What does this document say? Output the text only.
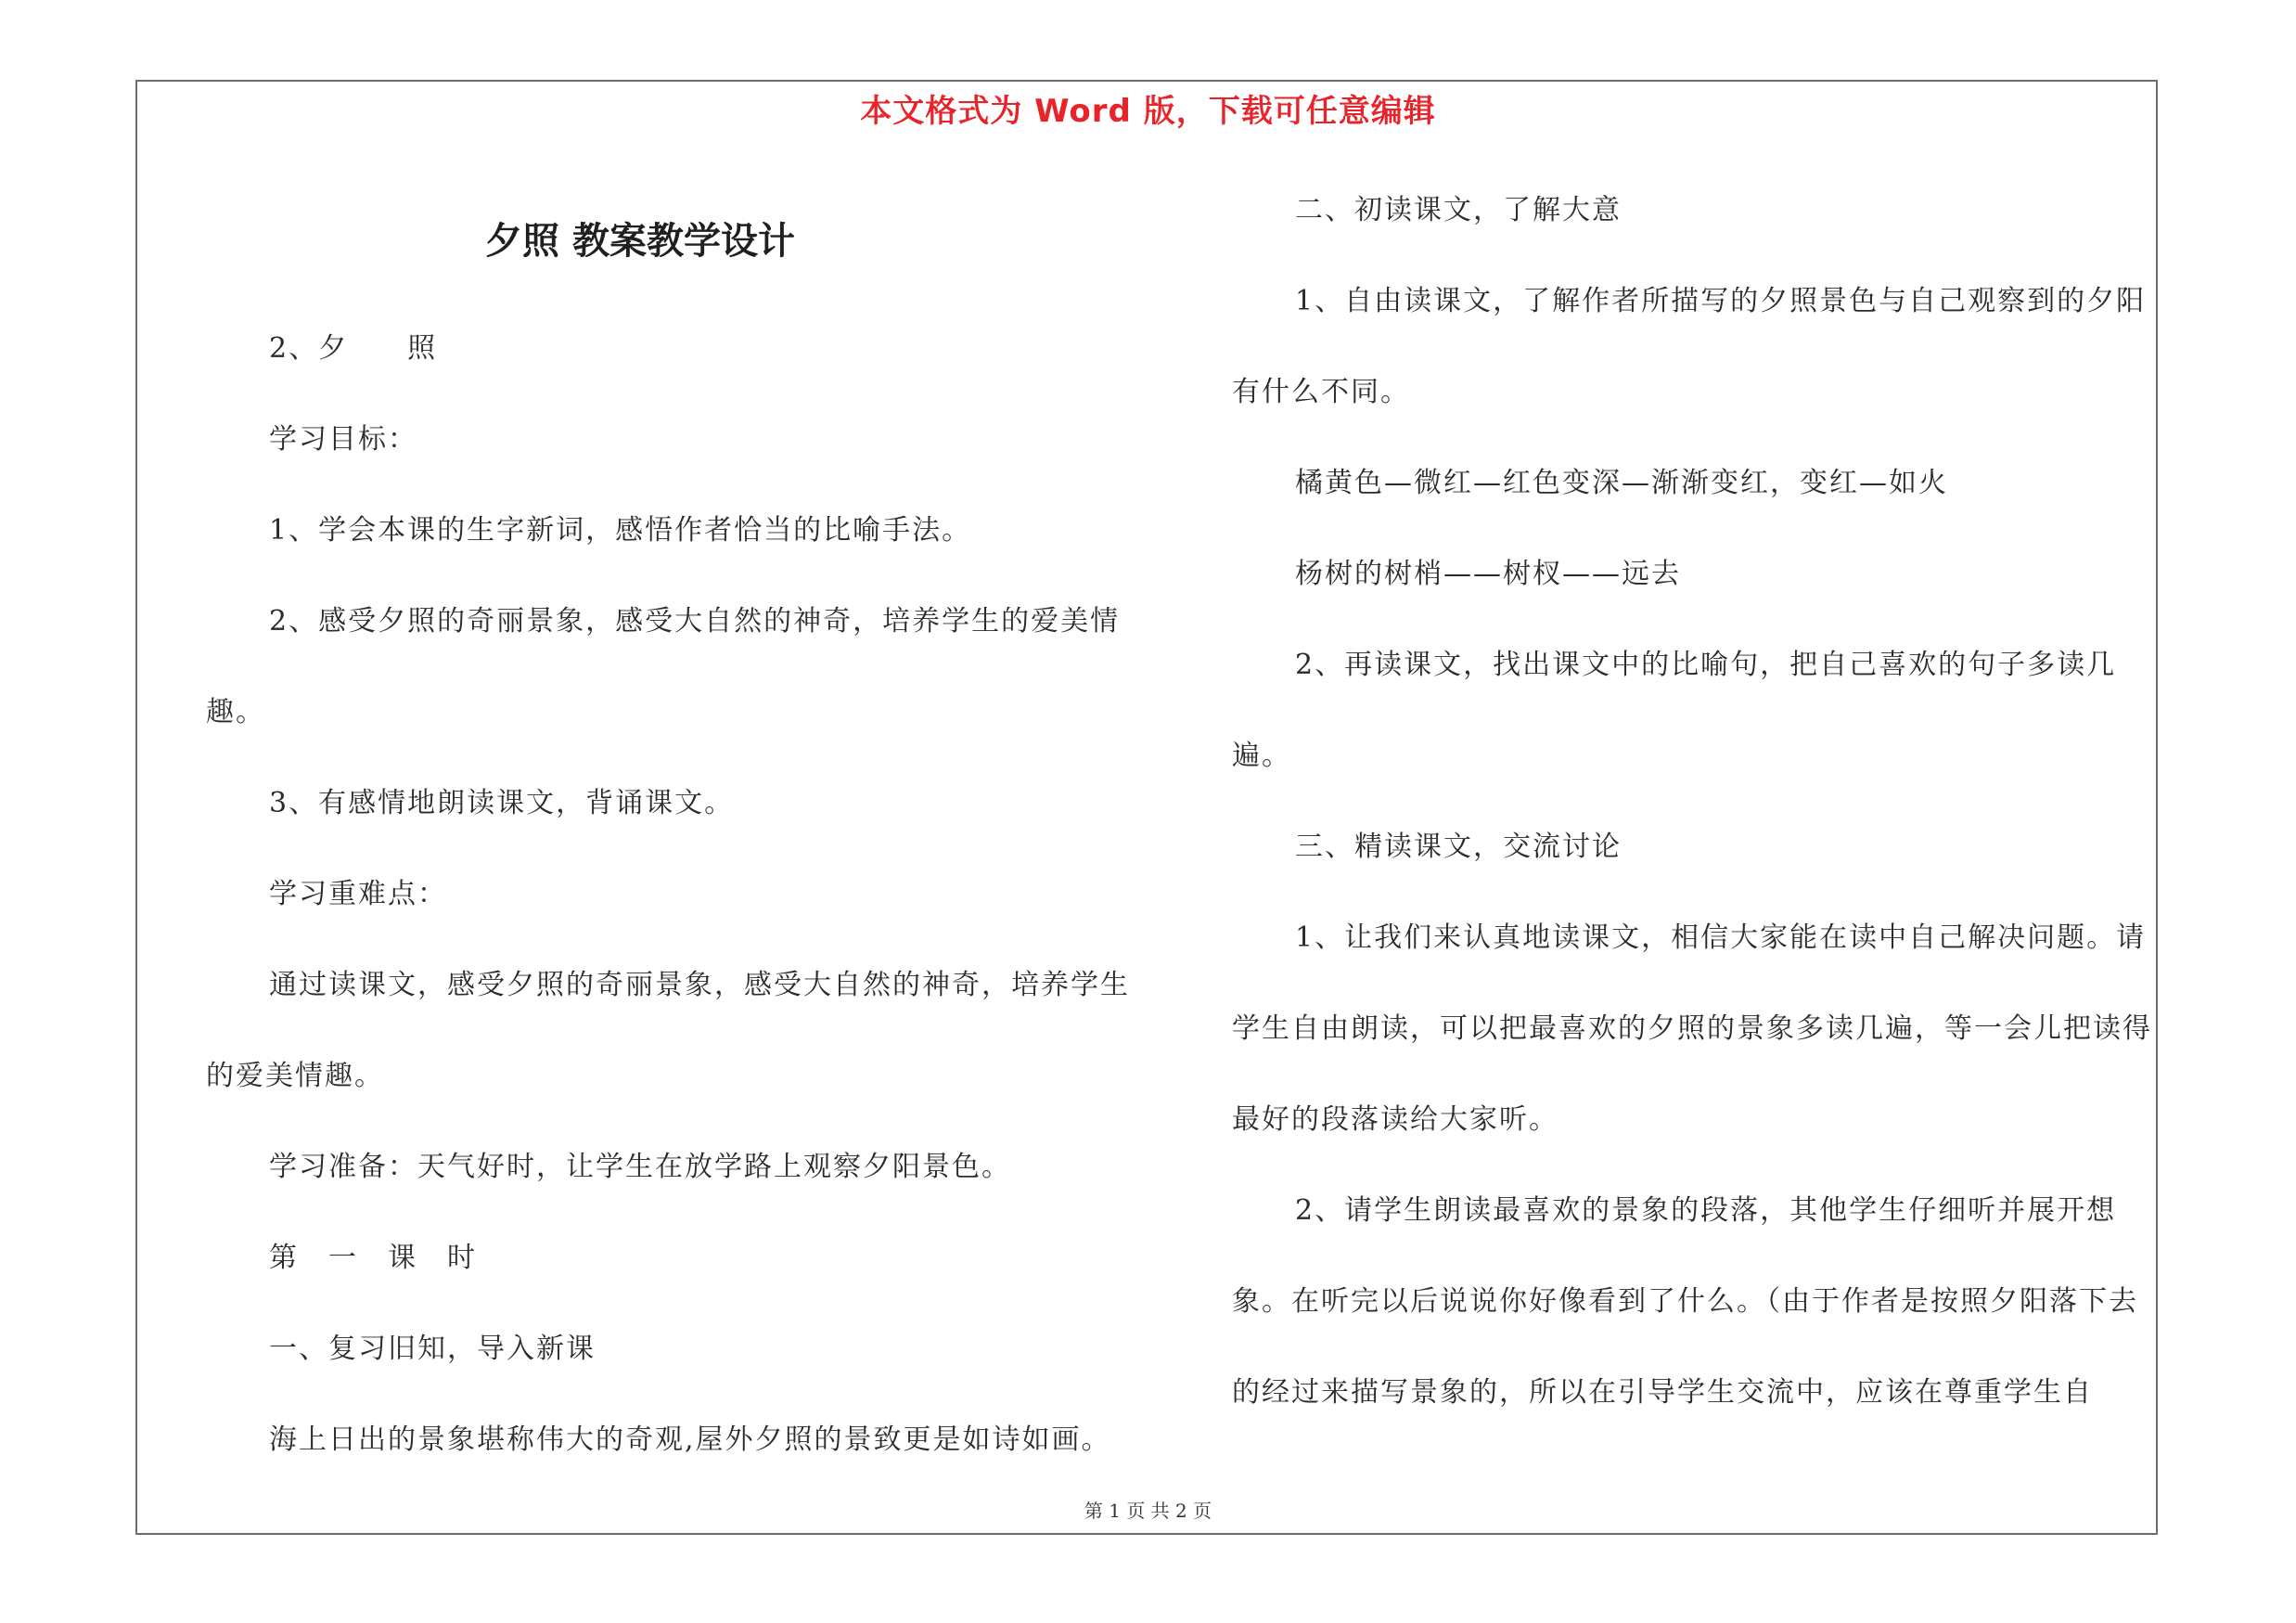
本文格式为 Word 版，下载可任意编辑
夕照 教案教学设计

2、夕　　照

学习目标：

1、学会本课的生字新词，感悟作者恰当的比喻手法。

2、感受夕照的奇丽景象，感受大自然的神奇，培养学生的爱美情趣。

3、有感情地朗读课文，背诵课文。

学习重难点：

通过读课文，感受夕照的奇丽景象，感受大自然的神奇，培养学生的爱美情趣。

学习准备：天气好时，让学生在放学路上观察夕阳景色。

第　一　课　时

一、复习旧知，导入新课

海上日出的景象堪称伟大的奇观,屋外夕照的景致更是如诗如画。

二、初读课文，了解大意

1、自由读课文，了解作者所描写的夕照景色与自己观察到的夕阳有什么不同。

橘黄色—微红—红色变深—渐渐变红，变红—如火

杨树的树梢——树杈——远去

2、再读课文，找出课文中的比喻句，把自己喜欢的句子多读几遍。

三、精读课文，交流讨论

1、让我们来认真地读课文，相信大家能在读中自己解决问题。请学生自由朗读，可以把最喜欢的夕照的景象多读几遍，等一会儿把读得最好的段落读给大家听。

2、请学生朗读最喜欢的景象的段落，其他学生仔细听并展开想象。在听完以后说说你好像看到了什么。（由于作者是按照夕阳落下去的经过来描写景象的，所以在引导学生交流中，应该在尊重学生自

第 1 页 共 2 页
